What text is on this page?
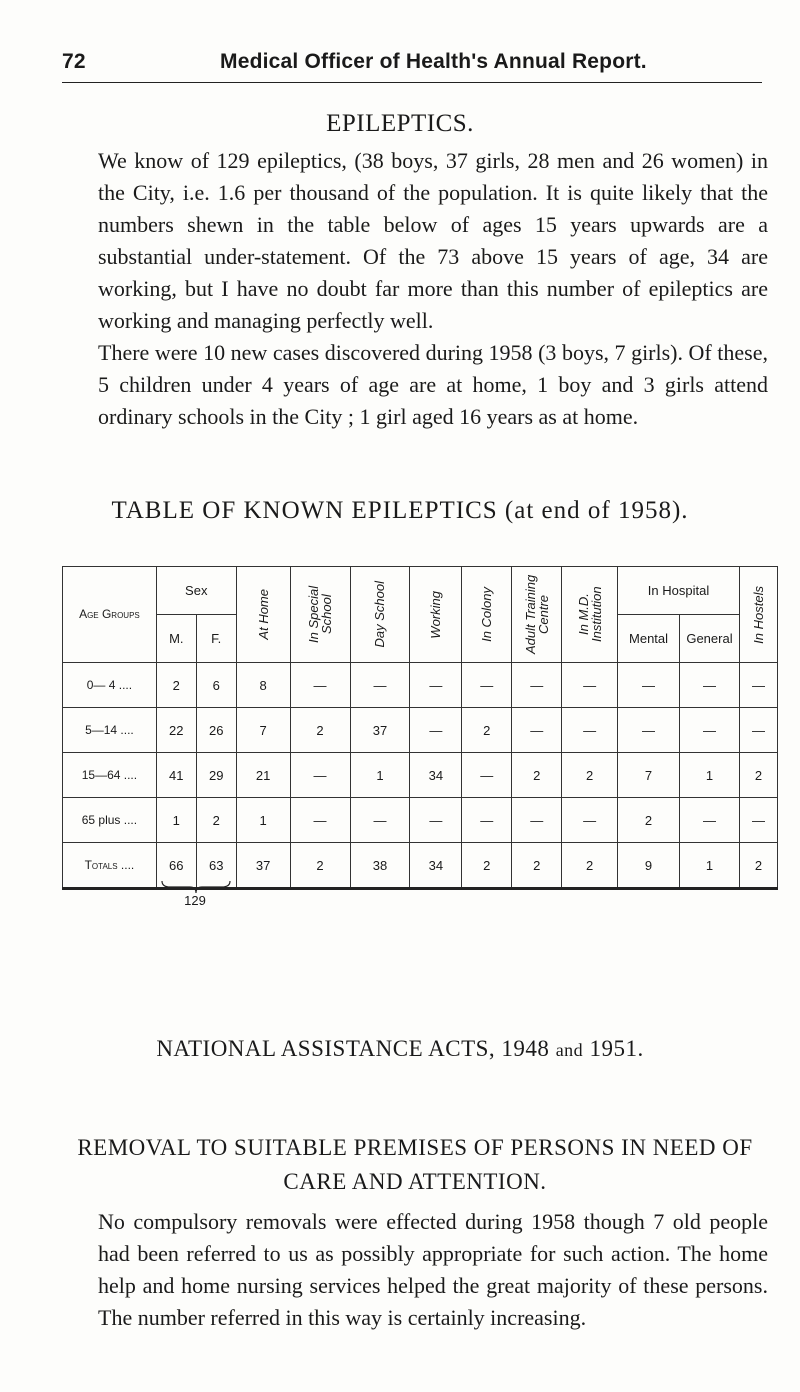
72	Medical Officer of Health's Annual Report.
EPILEPTICS.
We know of 129 epileptics, (38 boys, 37 girls, 28 men and 26 women) in the City, i.e. 1.6 per thousand of the population. It is quite likely that the numbers shewn in the table below of ages 15 years upwards are a substantial under-statement. Of the 73 above 15 years of age, 34 are working, but I have no doubt far more than this number of epileptics are working and managing perfectly well.
There were 10 new cases discovered during 1958 (3 boys, 7 girls). Of these, 5 children under 4 years of age are at home, 1 boy and 3 girls attend ordinary schools in the City ; 1 girl aged 16 years as at home.
TABLE OF KNOWN EPILEPTICS (at end of 1958).
Age Groups	Sex		At Home	In Special School	Day School	Working	In Colony	Adult Training Centre	In M.D. Institution	In Hospital		In Hostels

	M.	F.								Mental	General	
0— 4 ....	2	6	8	—	—	—	—	—	—	—	—	—
5—14 ....	22	26	7	2	37	—	2	—	—	—	—	—
15—64 ....	41	29	21	—	1	34	—	2	2	7	1	2
65 plus ....	1	2	1	—	—	—	—	—	—	2	—	—
Totals ....	66	63	37	2	38	34	2	2	2	9	1	2
129
NATIONAL ASSISTANCE ACTS, 1948 and 1951.
REMOVAL TO SUITABLE PREMISES OF PERSONS IN NEED OF CARE AND ATTENTION.
No compulsory removals were effected during 1958 though 7 old people had been referred to us as possibly appropriate for such action. The home help and home nursing services helped the great majority of these persons. The number referred in this way is certainly increasing.
